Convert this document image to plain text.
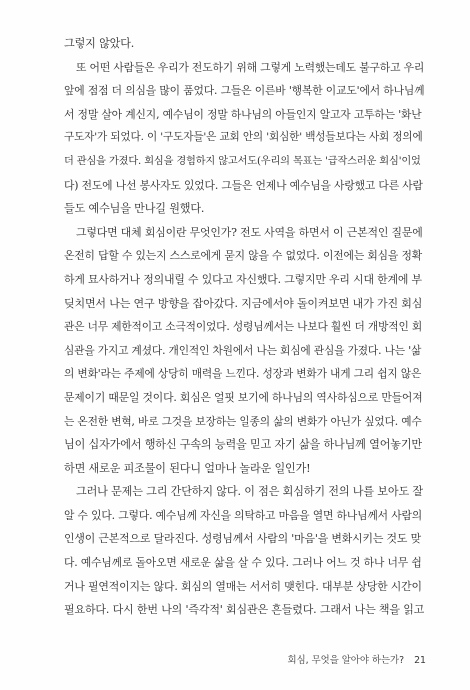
그렇지 않았다.
또 어떤 사람들은 우리가 전도하기 위해 그렇게 노력했는데도 불구하고 우리
앞에 점점 더 의심을 많이 품었다. 그들은 이른바 '행복한 이교도'에서 하나님께
서 정말 살아 계신지, 예수님이 정말 하나님의 아들인지 알고자 고투하는 '화난
구도자'가 되었다. 이 '구도자들'은 교회 안의 '회심한' 백성들보다는 사회 정의에
더 관심을 가졌다. 회심을 경험하지 않고서도(우리의 목표는 '급작스러운 회심'이었
다) 전도에 나선 봉사자도 있었다. 그들은 언제나 예수님을 사랑했고 다른 사람
들도 예수님을 만나길 원했다.
그렇다면 대체 회심이란 무엇인가? 전도 사역을 하면서 이 근본적인 질문에
온전히 답할 수 있는지 스스로에게 묻지 않을 수 없었다. 이전에는 회심을 정확
하게 묘사하거나 정의내릴 수 있다고 자신했다. 그렇지만 우리 시대 한계에 부
딪치면서 나는 연구 방향을 잡아갔다. 지금에서야 돌이켜보면 내가 가진 회심
관은 너무 제한적이고 소극적이었다. 성령님께서는 나보다 훨씬 더 개방적인 회
심관을 가지고 계셨다. 개인적인 차원에서 나는 회심에 관심을 가졌다. 나는 '삶
의 변화'라는 주제에 상당히 매력을 느낀다. 성장과 변화가 내게 그리 쉽지 않은
문제이기 때문일 것이다. 회심은 얼핏 보기에 하나님의 역사하심으로 만들어져
는 온전한 변혁, 바로 그것을 보장하는 일종의 삶의 변화가 아닌가 싶었다. 예수
님이 십자가에서 행하신 구속의 능력을 믿고 자기 삶을 하나님께 열어놓기만
하면 새로운 피조물이 된다니 얼마나 놀라운 일인가!
그러나 문제는 그리 간단하지 않다. 이 점은 회심하기 전의 나를 보아도 잘
알 수 있다. 그렇다. 예수님께 자신을 의탁하고 마음을 열면 하나님께서 사람의
인생이 근본적으로 달라진다. 성령님께서 사람의 '마음'을 변화시키는 것도 맞
다. 예수님께로 돌아오면 새로운 삶을 살 수 있다. 그러나 어느 것 하나 너무 쉽
거나 필연적이지는 않다. 회심의 열매는 서서히 맺힌다. 대부분 상당한 시간이
필요하다. 다시 한번 나의 '즉각적' 회심관은 흔들렸다. 그래서 나는 책을 읽고
회심, 무엇을 알아야 하는가? 21
